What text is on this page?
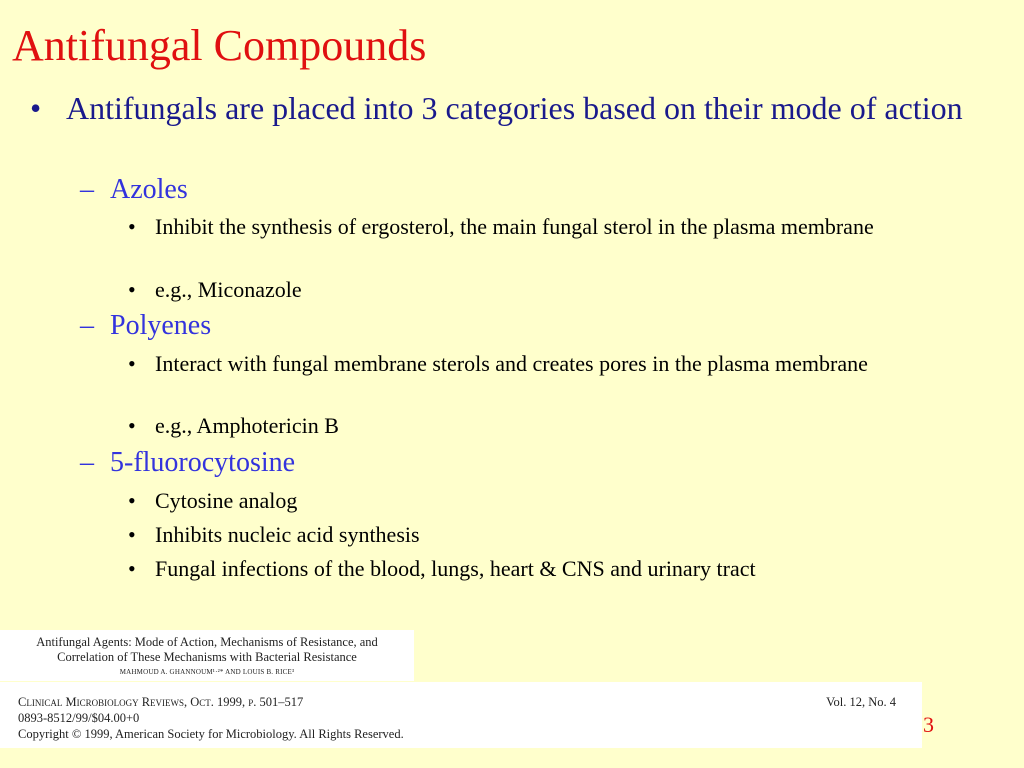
Antifungal Compounds
• Antifungals are placed into 3 categories based on their mode of action
– Azoles
• Inhibit the synthesis of ergosterol, the main fungal sterol in the plasma membrane
• e.g., Miconazole
– Polyenes
• Interact with fungal membrane sterols and creates pores in the plasma membrane
• e.g., Amphotericin B
– 5-fluorocytosine
• Cytosine analog
• Inhibits nucleic acid synthesis
• Fungal infections of the blood, lungs, heart & CNS and urinary tract
Antifungal Agents: Mode of Action, Mechanisms of Resistance, and
Correlation of These Mechanisms with Bacterial Resistance
MAHMOUD A. GHANNOUM¹·²* AND LOUIS B. RICE³
Clinical Microbiology Reviews, Oct. 1999, p. 501–517	Vol. 12, No. 4
0893-8512/99/$04.00+0
Copyright © 1999, American Society for Microbiology. All Rights Reserved.	3
